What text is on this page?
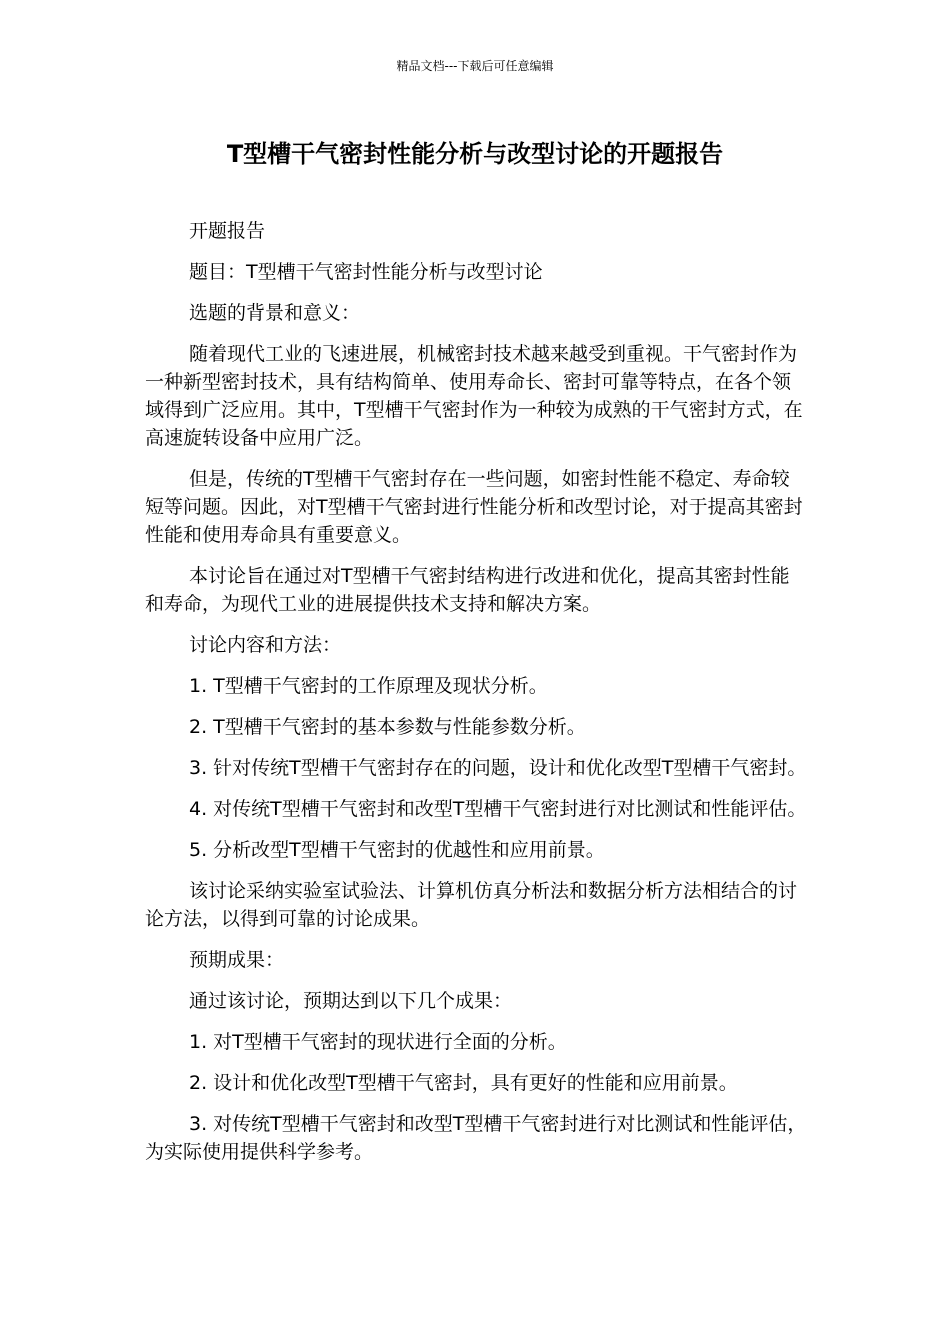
精品文档---下载后可任意编辑
T型槽干气密封性能分析与改型讨论的开题报告

开题报告

题目：T型槽干气密封性能分析与改型讨论

选题的背景和意义：

随着现代工业的飞速进展，机械密封技术越来越受到重视。干气密封作为一种新型密封技术，具有结构简单、使用寿命长、密封可靠等特点，在各个领域得到广泛应用。其中，T型槽干气密封作为一种较为成熟的干气密封方式，在高速旋转设备中应用广泛。

但是，传统的T型槽干气密封存在一些问题，如密封性能不稳定、寿命较短等问题。因此，对T型槽干气密封进行性能分析和改型讨论，对于提高其密封性能和使用寿命具有重要意义。

本讨论旨在通过对T型槽干气密封结构进行改进和优化，提高其密封性能和寿命，为现代工业的进展提供技术支持和解决方案。

讨论内容和方法：

1. T型槽干气密封的工作原理及现状分析。

2. T型槽干气密封的基本参数与性能参数分析。

3. 针对传统T型槽干气密封存在的问题，设计和优化改型T型槽干气密封。

4. 对传统T型槽干气密封和改型T型槽干气密封进行对比测试和性能评估。

5. 分析改型T型槽干气密封的优越性和应用前景。

该讨论采纳实验室试验法、计算机仿真分析法和数据分析方法相结合的讨论方法，以得到可靠的讨论成果。

预期成果：

通过该讨论，预期达到以下几个成果：

1. 对T型槽干气密封的现状进行全面的分析。

2. 设计和优化改型T型槽干气密封，具有更好的性能和应用前景。

3. 对传统T型槽干气密封和改型T型槽干气密封进行对比测试和性能评估，为实际使用提供科学参考。
